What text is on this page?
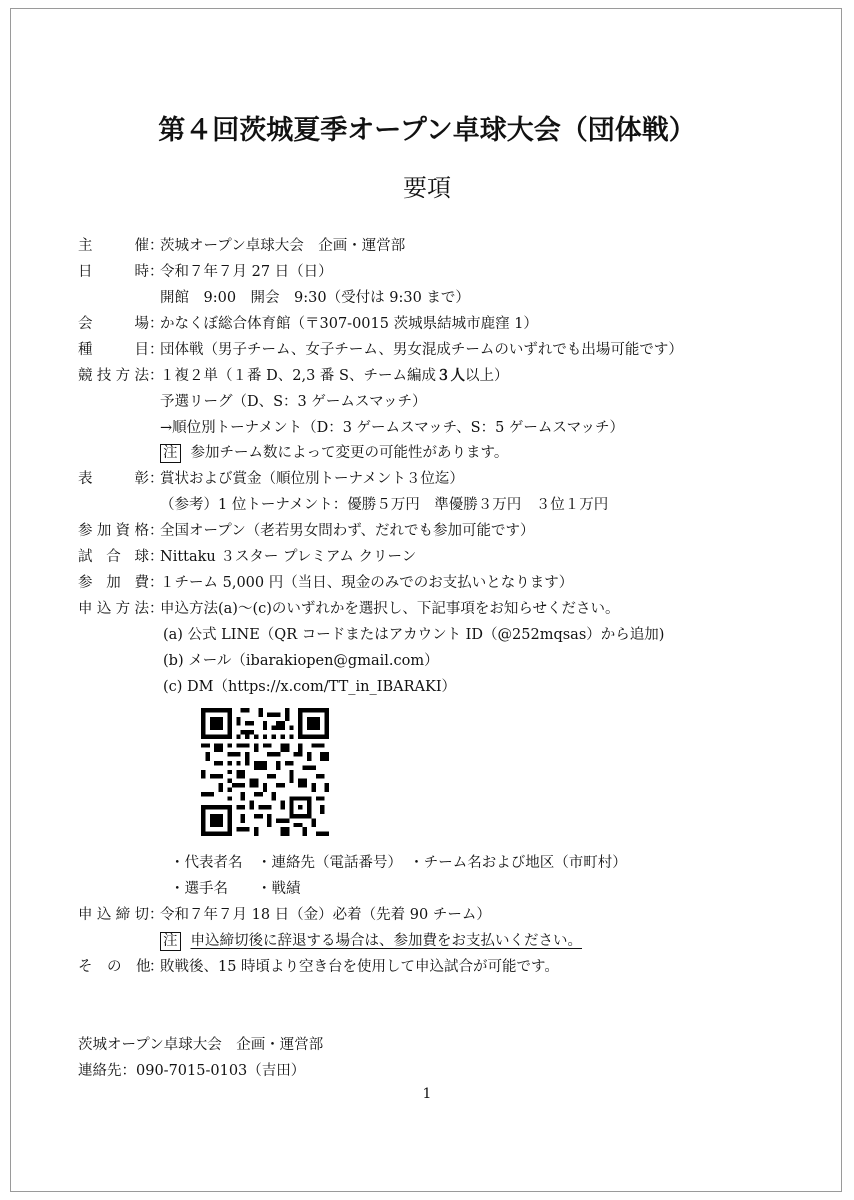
第４回茨城夏季オープン卓球大会（団体戦）
要項
主　　催：茨城オープン卓球大会　企画・運営部
日　　時：令和７年７月 27 日（日）
開館　9:00　開会　9:30（受付は 9:30 まで）
会　　場：かなくぼ総合体育館（〒307-0015 茨城県結城市鹿窪 1）
種　　目：団体戦（男子チーム、女子チーム、男女混成チームのいずれでも出場可能です）
競技方法：１複２単（１番 D、2,3 番 S、チーム編成３人以上）
予選リーグ（D、S：3 ゲームスマッチ）
→順位別トーナメント（D：3 ゲームスマッチ、S：5 ゲームスマッチ）
注 参加チーム数によって変更の可能性があります。
表　　彰：賞状および賞金（順位別トーナメント３位迄）
（参考）1 位トーナメント：優勝５万円　準優勝３万円　３位１万円
参加資格：全国オープン（老若男女問わず、だれでも参加可能です）
試 合 球：Nittaku ３スター プレミアム クリーン
参 加 費：１チーム 5,000 円（当日、現金のみでのお支払いとなります）
申込方法：申込方法(a)～(c)のいずれかを選択し、下記事項をお知らせください。
(a) 公式 LINE（QR コードまたはアカウント ID（@252mqsas）から追加)
(b) メール（ibarakiopen@gmail.com）
(c) DM（https://x.com/TT_in_IBARAKI）
・代表者名　・連絡先（電話番号）　・チーム名および地区（市町村）
・選手名　　・戦績
申込締切：令和７年７月 18 日（金）必着（先着 90 チーム）
注 申込締切後に辞退する場合は、参加費をお支払いください。
そ　の　他：敗戦後、15 時頃より空き台を使用して申込試合が可能です。
茨城オープン卓球大会　企画・運営部
連絡先：090-7015-0103（吉田）
1
